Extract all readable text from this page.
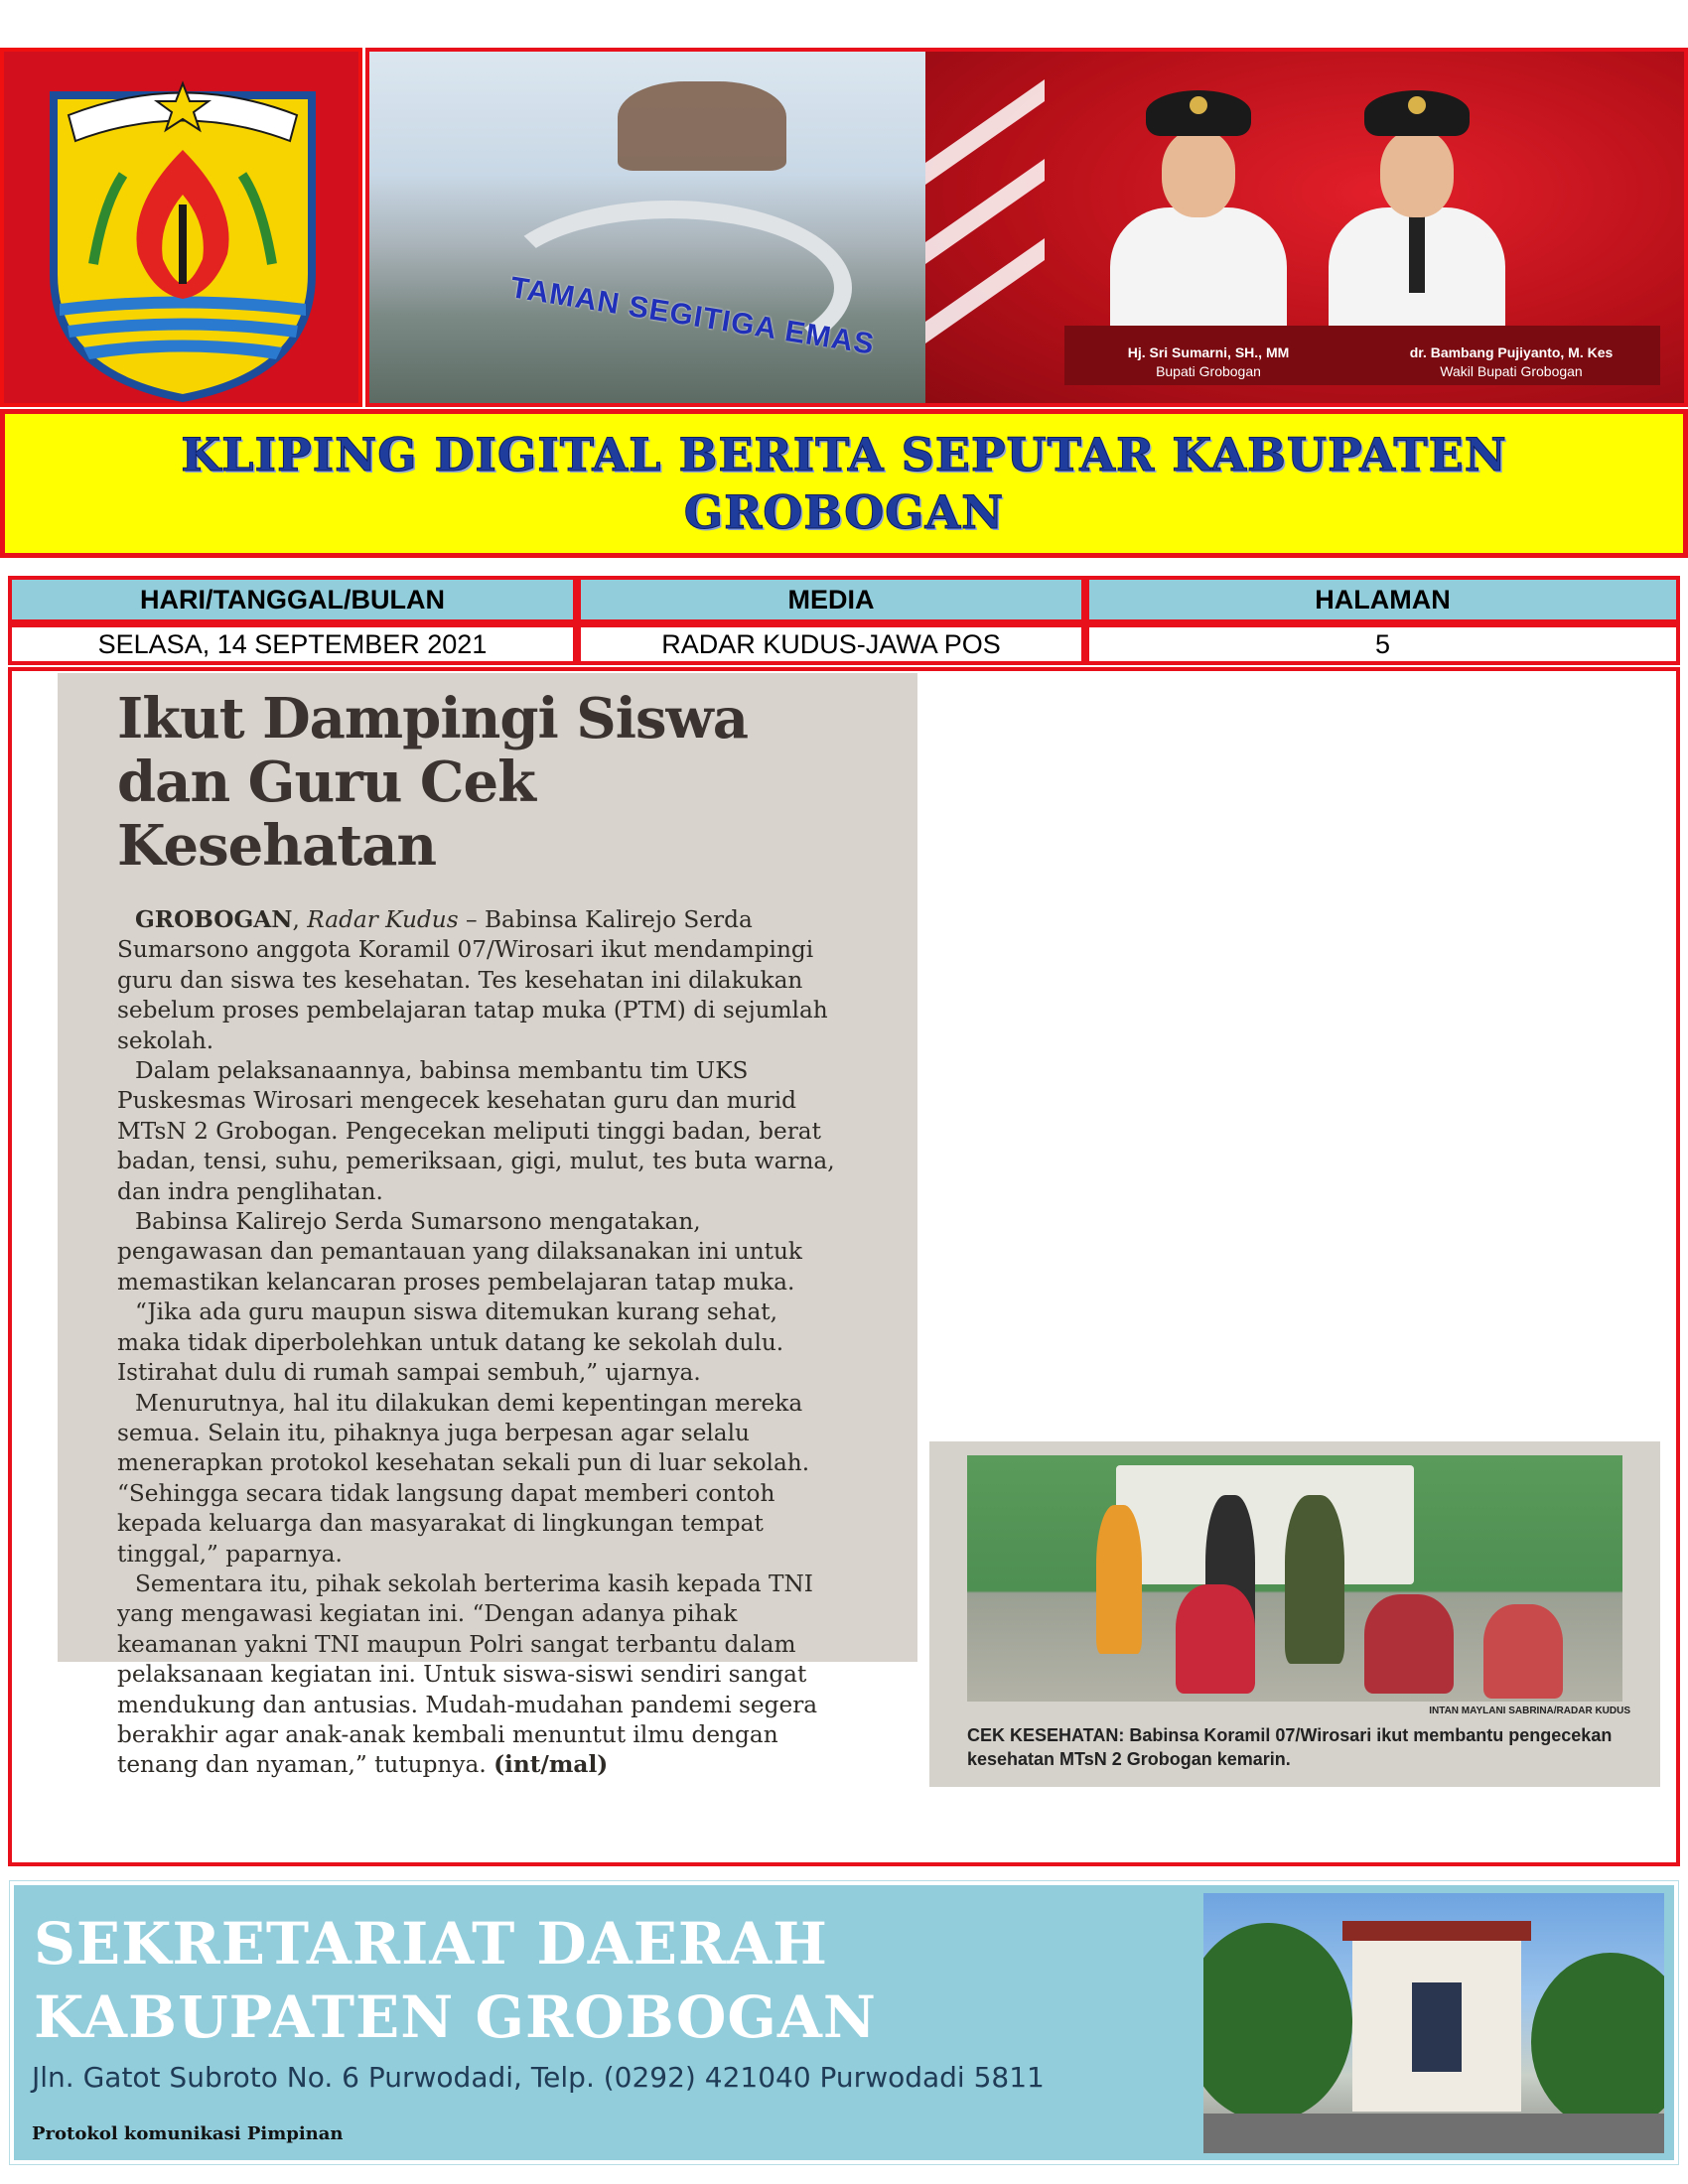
TAMAN SEGITIGA EMAS	Hj. Sri Sumarni, SH., MM
Bupati Grobogan
dr. Bambang Pujiyanto, M. Kes
Wakil Bupati Grobogan
KLIPING DIGITAL BERITA SEPUTAR KABUPATEN GROBOGAN
HARI/TANGGAL/BULAN	MEDIA	HALAMAN
SELASA, 14 SEPTEMBER 2021	RADAR KUDUS-JAWA POS	5
Ikut Dampingi Siswa dan Guru Cek Kesehatan

GROBOGAN, Radar Kudus – Babinsa Kalirejo Serda Sumarsono anggota Koramil 07/Wirosari ikut mendampingi guru dan siswa tes kesehatan. Tes kesehatan ini dilakukan sebelum proses pembelajaran tatap muka (PTM) di sejumlah sekolah.

Dalam pelaksanaannya, babinsa membantu tim UKS Puskesmas Wirosari mengecek kesehatan guru dan murid MTsN 2 Grobogan. Pengecekan meliputi tinggi badan, berat badan, tensi, suhu, pemeriksaan, gigi, mulut, tes buta warna, dan indra penglihatan.

Babinsa Kalirejo Serda Sumarsono mengatakan, pengawasan dan pemantauan yang dilaksanakan ini untuk memastikan kelancaran proses pembelajaran tatap muka.

“Jika ada guru maupun siswa ditemukan kurang sehat, maka tidak diperbolehkan untuk datang ke sekolah dulu. Istirahat dulu di rumah sampai sembuh,” ujarnya.

Menurutnya, hal itu dilakukan demi kepentingan mereka semua. Selain itu, pihaknya juga berpesan agar selalu menerapkan protokol kesehatan sekali pun di luar sekolah. “Sehingga secara tidak langsung dapat memberi contoh kepada keluarga dan masyarakat di lingkungan tempat tinggal,” paparnya.

Sementara itu, pihak sekolah berterima kasih kepada TNI yang mengawasi kegiatan ini. “Dengan adanya pihak keamanan yakni TNI maupun Polri sangat terbantu dalam pelaksanaan kegiatan ini. Untuk siswa-siswi sendiri sangat mendukung dan antusias. Mudah-mudahan pandemi segera berakhir agar anak-anak kembali menuntut ilmu dengan tenang dan nyaman,” tutupnya. (int/mal)

INTAN MAYLANI SABRINA/RADAR KUDUS
CEK KESEHATAN: Babinsa Koramil 07/Wirosari ikut membantu pengecekan kesehatan MTsN 2 Grobogan kemarin.
SEKRETARIAT DAERAH KABUPATEN GROBOGAN
Jln. Gatot Subroto No. 6 Purwodadi, Telp. (0292) 421040 Purwodadi 5811
Protokol komunikasi Pimpinan
